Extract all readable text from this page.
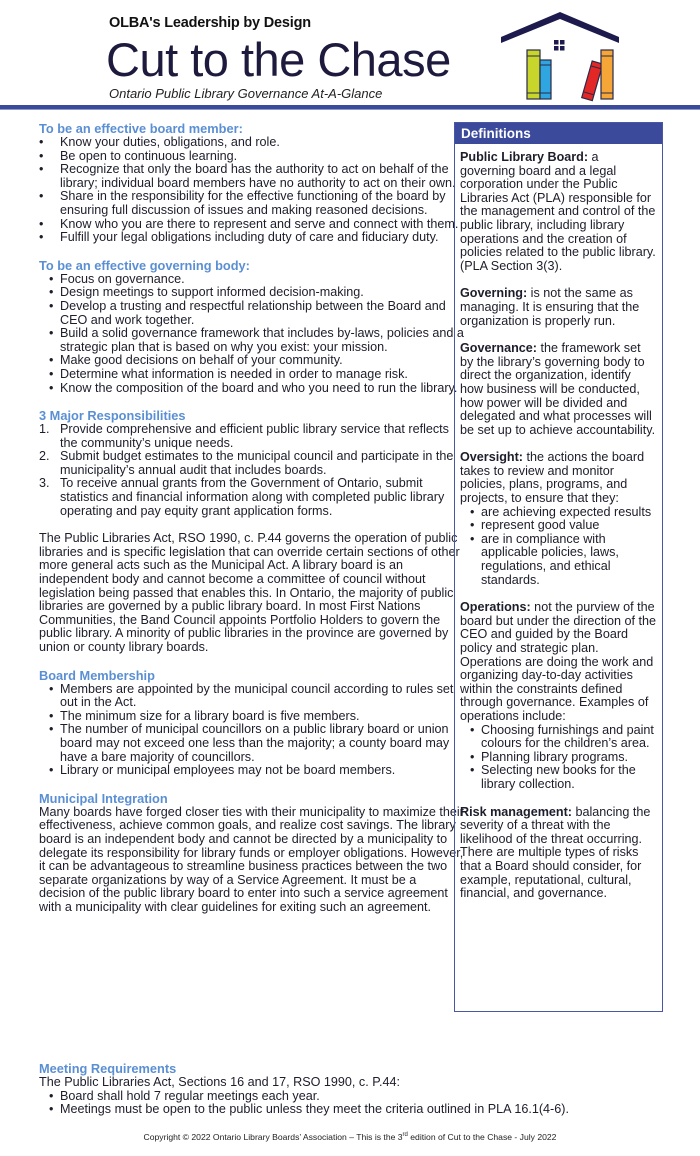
OLBA's Leadership by Design
Cut to the Chase
Ontario Public Library Governance At-A-Glance
To be an effective board member:
• Know your duties, obligations, and role.
• Be open to continuous learning.
• Recognize that only the board has the authority to act on behalf of the library; individual board members have no authority to act on their own.
• Share in the responsibility for the effective functioning of the board by ensuring full discussion of issues and making reasoned decisions.
• Know who you are there to represent and serve and connect with them.
• Fulfill your legal obligations including duty of care and fiduciary duty.
To be an effective governing body:
• Focus on governance.
• Design meetings to support informed decision-making.
• Develop a trusting and respectful relationship between the Board and CEO and work together.
• Build a solid governance framework that includes by-laws, policies and a strategic plan that is based on why you exist: your mission.
• Make good decisions on behalf of your community.
• Determine what information is needed in order to manage risk.
• Know the composition of the board and who you need to run the library.
3 Major Responsibilities
1. Provide comprehensive and efficient public library service that reflects the community’s unique needs.
2. Submit budget estimates to the municipal council and participate in the municipality’s annual audit that includes boards.
3. To receive annual grants from the Government of Ontario, submit statistics and financial information along with completed public library operating and pay equity grant application forms.

The Public Libraries Act, RSO 1990, c. P.44 governs the operation of public libraries and is specific legislation that can override certain sections of other more general acts such as the Municipal Act. A library board is an independent body and cannot become a committee of council without legislation being passed that enables this. In Ontario, the majority of public libraries are governed by a public library board. In most First Nations Communities, the Band Council appoints Portfolio Holders to govern the public library. A minority of public libraries in the province are governed by union or county library boards.

Board Membership
• Members are appointed by the municipal council according to rules set out in the Act.
• The minimum size for a library board is five members.
• The number of municipal councillors on a public library board or union board may not exceed one less than the majority; a county board may have a bare majority of councillors.
• Library or municipal employees may not be board members.
Municipal Integration

Many boards have forged closer ties with their municipality to maximize their effectiveness, achieve common goals, and realize cost savings. The library board is an independent body and cannot be directed by a municipality to delegate its responsibility for library funds or employer obligations. However, it can be advantageous to streamline business practices between the two separate organizations by way of a Service Agreement. It must be a decision of the public library board to enter into such a service agreement with a municipality with clear guidelines for exiting such an agreement.

Definitions
Public Library Board: a governing board and a legal corporation under the Public Libraries Act (PLA) responsible for the management and control of the public library, including library operations and the creation of policies related to the public library. (PLA Section 3(3).
Governing: is not the same as managing. It is ensuring that the organization is properly run.
Governance: the framework set by the library’s governing body to direct the organization, identify how business will be conducted, how power will be divided and delegated and what processes will be set up to achieve accountability.
Oversight: the actions the board takes to review and monitor policies, plans, programs, and projects, to ensure that they:
• are achieving expected results
• represent good value
• are in compliance with applicable policies, laws, regulations, and ethical standards.
Operations: not the purview of the board but under the direction of the CEO and guided by the Board policy and strategic plan. Operations are doing the work and organizing day-to-day activities within the constraints defined through governance. Examples of operations include:
• Choosing furnishings and paint colours for the children’s area.
• Planning library programs.
• Selecting new books for the library collection.
Risk management: balancing the severity of a threat with the likelihood of the threat occurring. There are multiple types of risks that a Board should consider, for example, reputational, cultural, financial, and governance.
Meeting Requirements
The Public Libraries Act, Sections 16 and 17, RSO 1990, c. P.44:
• Board shall hold 7 regular meetings each year.
• Meetings must be open to the public unless they meet the criteria outlined in PLA 16.1(4-6).
Copyright © 2022 Ontario Library Boards’ Association – This is the 3rd edition of Cut to the Chase - July 2022
